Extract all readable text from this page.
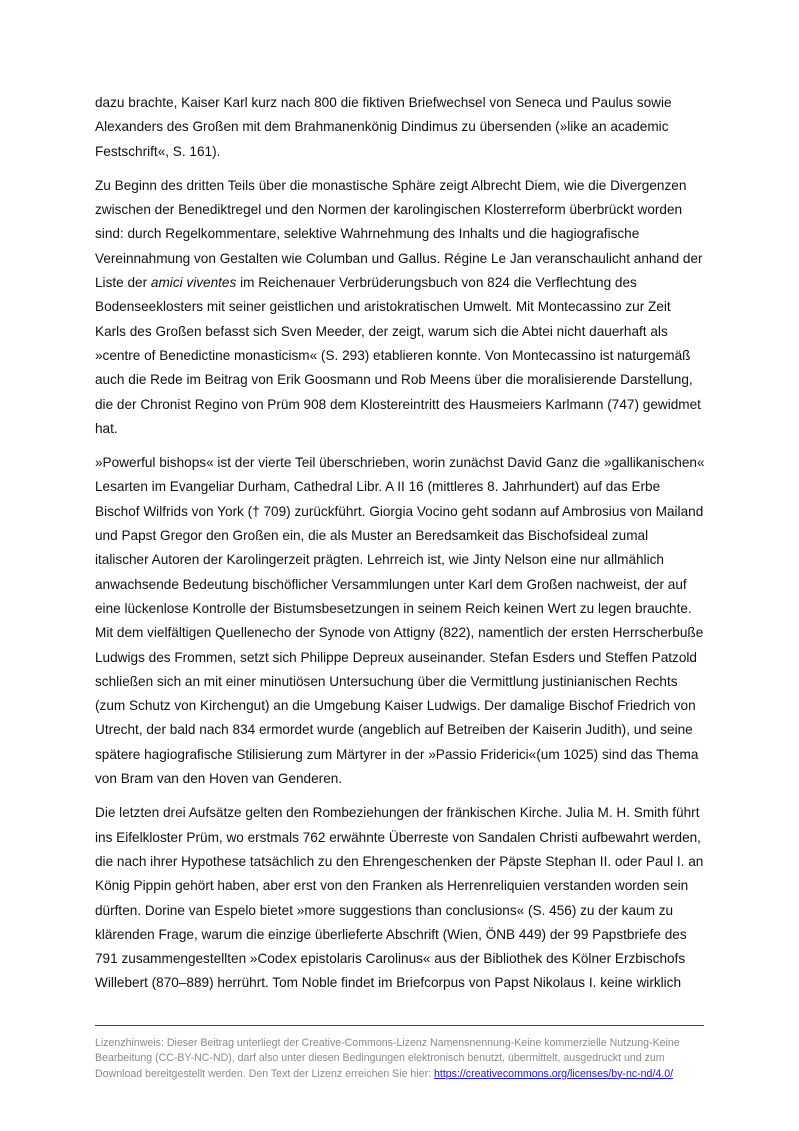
dazu brachte, Kaiser Karl kurz nach 800 die fiktiven Briefwechsel von Seneca und Paulus sowie Alexanders des Großen mit dem Brahmanenkönig Dindimus zu übersenden (»like an academic Festschrift«, S. 161).

Zu Beginn des dritten Teils über die monastische Sphäre zeigt Albrecht Diem, wie die Divergenzen zwischen der Benediktregel und den Normen der karolingischen Klosterreform überbrückt worden sind: durch Regelkommentare, selektive Wahrnehmung des Inhalts und die hagiografische Vereinnahmung von Gestalten wie Columban und Gallus. Régine Le Jan veranschaulicht anhand der Liste der amici viventes im Reichenauer Verbrüderungsbuch von 824 die Verflechtung des Bodenseeklosters mit seiner geistlichen und aristokratischen Umwelt. Mit Montecassino zur Zeit Karls des Großen befasst sich Sven Meeder, der zeigt, warum sich die Abtei nicht dauerhaft als »centre of Benedictine monasticism« (S. 293) etablieren konnte. Von Montecassino ist naturgemäß auch die Rede im Beitrag von Erik Goosmann und Rob Meens über die moralisierende Darstellung, die der Chronist Regino von Prüm 908 dem Klostereintritt des Hausmeiers Karlmann (747) gewidmet hat.

»Powerful bishops« ist der vierte Teil überschrieben, worin zunächst David Ganz die »gallikanischen« Lesarten im Evangeliar Durham, Cathedral Libr. A II 16 (mittleres 8. Jahrhundert) auf das Erbe Bischof Wilfrids von York († 709) zurückführt. Giorgia Vocino geht sodann auf Ambrosius von Mailand und Papst Gregor den Großen ein, die als Muster an Beredsamkeit das Bischofsideal zumal italischer Autoren der Karolingerzeit prägten. Lehrreich ist, wie Jinty Nelson eine nur allmählich anwachsende Bedeutung bischöflicher Versammlungen unter Karl dem Großen nachweist, der auf eine lückenlose Kontrolle der Bistumsbesetzungen in seinem Reich keinen Wert zu legen brauchte. Mit dem vielfältigen Quellenecho der Synode von Attigny (822), namentlich der ersten Herrscherbuße Ludwigs des Frommen, setzt sich Philippe Depreux auseinander. Stefan Esders und Steffen Patzold schließen sich an mit einer minutiösen Untersuchung über die Vermittlung justinianischen Rechts (zum Schutz von Kirchengut) an die Umgebung Kaiser Ludwigs. Der damalige Bischof Friedrich von Utrecht, der bald nach 834 ermordet wurde (angeblich auf Betreiben der Kaiserin Judith), und seine spätere hagiografische Stilisierung zum Märtyrer in der »Passio Friderici«(um 1025) sind das Thema von Bram van den Hoven van Genderen.

Die letzten drei Aufsätze gelten den Rombeziehungen der fränkischen Kirche. Julia M. H. Smith führt ins Eifelkloster Prüm, wo erstmals 762 erwähnte Überreste von Sandalen Christi aufbewahrt werden, die nach ihrer Hypothese tatsächlich zu den Ehrengeschenken der Päpste Stephan II. oder Paul I. an König Pippin gehört haben, aber erst von den Franken als Herrenreliquien verstanden worden sein dürften. Dorine van Espelo bietet »more suggestions than conclusions« (S. 456) zu der kaum zu klärenden Frage, warum die einzige überlieferte Abschrift (Wien, ÖNB 449) der 99 Papstbriefe des 791 zusammengestellten »Codex epistolaris Carolinus« aus der Bibliothek des Kölner Erzbischofs Willebert (870–889) herrührt. Tom Noble findet im Briefcorpus von Papst Nikolaus I. keine wirklich

Lizenzhinweis: Dieser Beitrag unterliegt der Creative-Commons-Lizenz Namensnennung-Keine kommerzielle Nutzung-Keine Bearbeitung (CC-BY-NC-ND), darf also unter diesen Bedingungen elektronisch benutzt, übermittelt, ausgedruckt und zum Download bereitgestellt werden. Den Text der Lizenz erreichen Sie hier: https://creativecommons.org/licenses/by-nc-nd/4.0/
